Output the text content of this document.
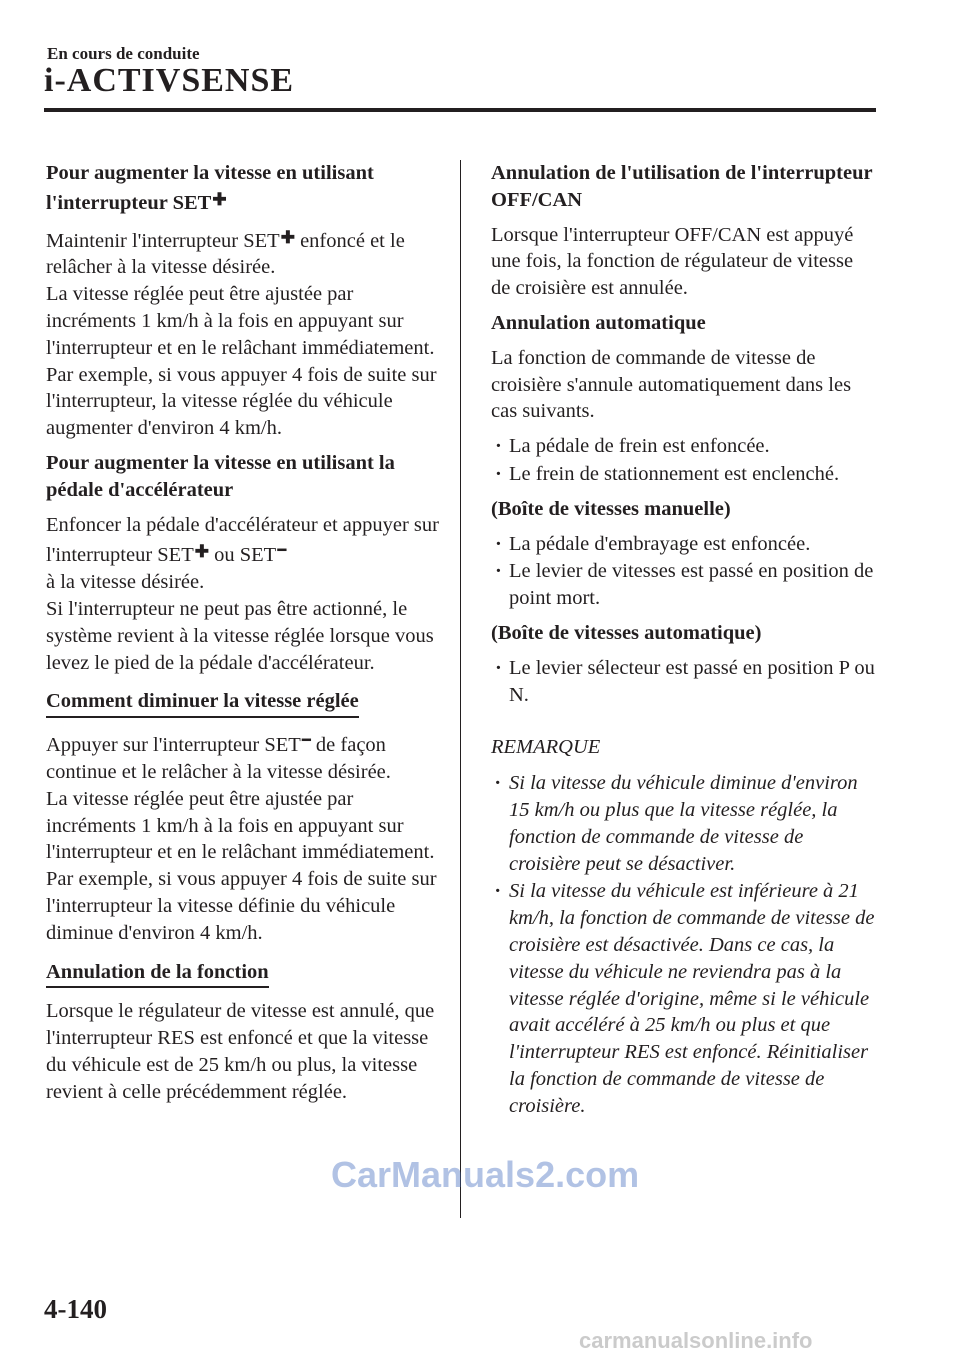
En cours de conduite
i-ACTIVSENSE
Pour augmenter la vitesse en utilisant l'interrupteur SET ✚
Maintenir l'interrupteur SET ✚ enfoncé et le relâcher à la vitesse désirée.
La vitesse réglée peut être ajustée par incréments 1 km/h à la fois en appuyant sur l'interrupteur et en le relâchant immédiatement. Par exemple, si vous appuyer 4 fois de suite sur l'interrupteur, la vitesse réglée du véhicule augmenter d'environ 4 km/h.
Pour augmenter la vitesse en utilisant la pédale d'accélérateur
Enfoncer la pédale d'accélérateur et appuyer sur l'interrupteur SET ✚ ou SET ━
à la vitesse désirée.
Si l'interrupteur ne peut pas être actionné, le système revient à la vitesse réglée lorsque vous levez le pied de la pédale d'accélérateur.
Comment diminuer la vitesse réglée
Appuyer sur l'interrupteur SET ━ de façon continue et le relâcher à la vitesse désirée.
La vitesse réglée peut être ajustée par incréments 1 km/h à la fois en appuyant sur l'interrupteur et en le relâchant immédiatement. Par exemple, si vous appuyer 4 fois de suite sur l'interrupteur la vitesse définie du véhicule diminue d'environ 4 km/h.
Annulation de la fonction
Lorsque le régulateur de vitesse est annulé, que l'interrupteur RES est enfoncé et que la vitesse du véhicule est de 25 km/h ou plus, la vitesse revient à celle précédemment réglée.
Annulation de l'utilisation de l'interrupteur OFF/CAN
Lorsque l'interrupteur OFF/CAN est appuyé une fois, la fonction de régulateur de vitesse de croisière est annulée.
Annulation automatique
La fonction de commande de vitesse de croisière s'annule automatiquement dans les cas suivants.
· La pédale de frein est enfoncée.
· Le frein de stationnement est enclenché.
(Boîte de vitesses manuelle)
· La pédale d'embrayage est enfoncée.
· Le levier de vitesses est passé en position de point mort.
(Boîte de vitesses automatique)
· Le levier sélecteur est passé en position P ou N.
REMARQUE
· Si la vitesse du véhicule diminue d'environ 15 km/h ou plus que la vitesse réglée, la fonction de commande de vitesse de croisière peut se désactiver.
· Si la vitesse du véhicule est inférieure à 21 km/h, la fonction de commande de vitesse de croisière est désactivée. Dans ce cas, la vitesse du véhicule ne reviendra pas à la vitesse réglée d'origine, même si le véhicule avait accéléré à 25 km/h ou plus et que l'interrupteur RES est enfoncé. Réinitialiser la fonction de commande de vitesse de croisière.
4-140
CarManuals2.com
carmanualsonline.info
